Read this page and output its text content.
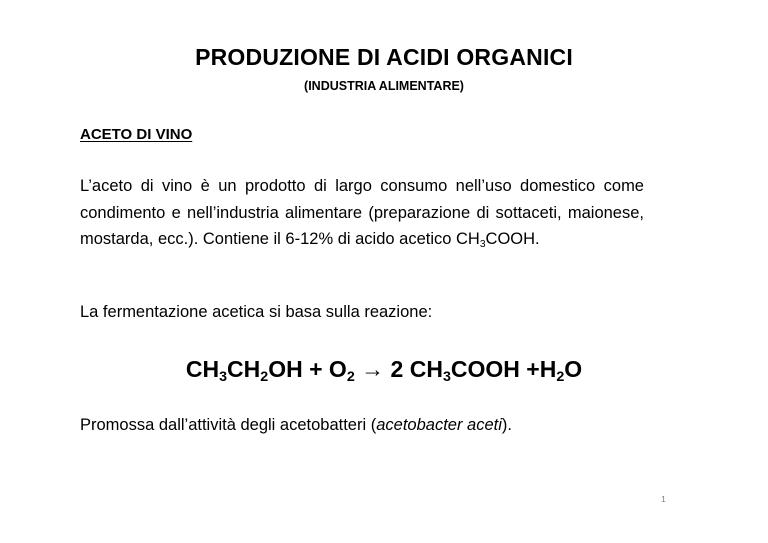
PRODUZIONE DI ACIDI ORGANICI
(INDUSTRIA ALIMENTARE)
ACETO DI VINO
L’aceto di vino è un prodotto di largo consumo nell’uso domestico come condimento e nell’industria alimentare (preparazione di sottaceti, maionese, mostarda, ecc.). Contiene il 6-12% di acido acetico $CH_3COOH$.
La fermentazione acetica si basa sulla reazione:
$CH_3CH_2OH + O_2 \to 2$ $CH_3COOH +H_2O$
Promossa dall’attività degli acetobatteri (acetobacter aceti).
1
